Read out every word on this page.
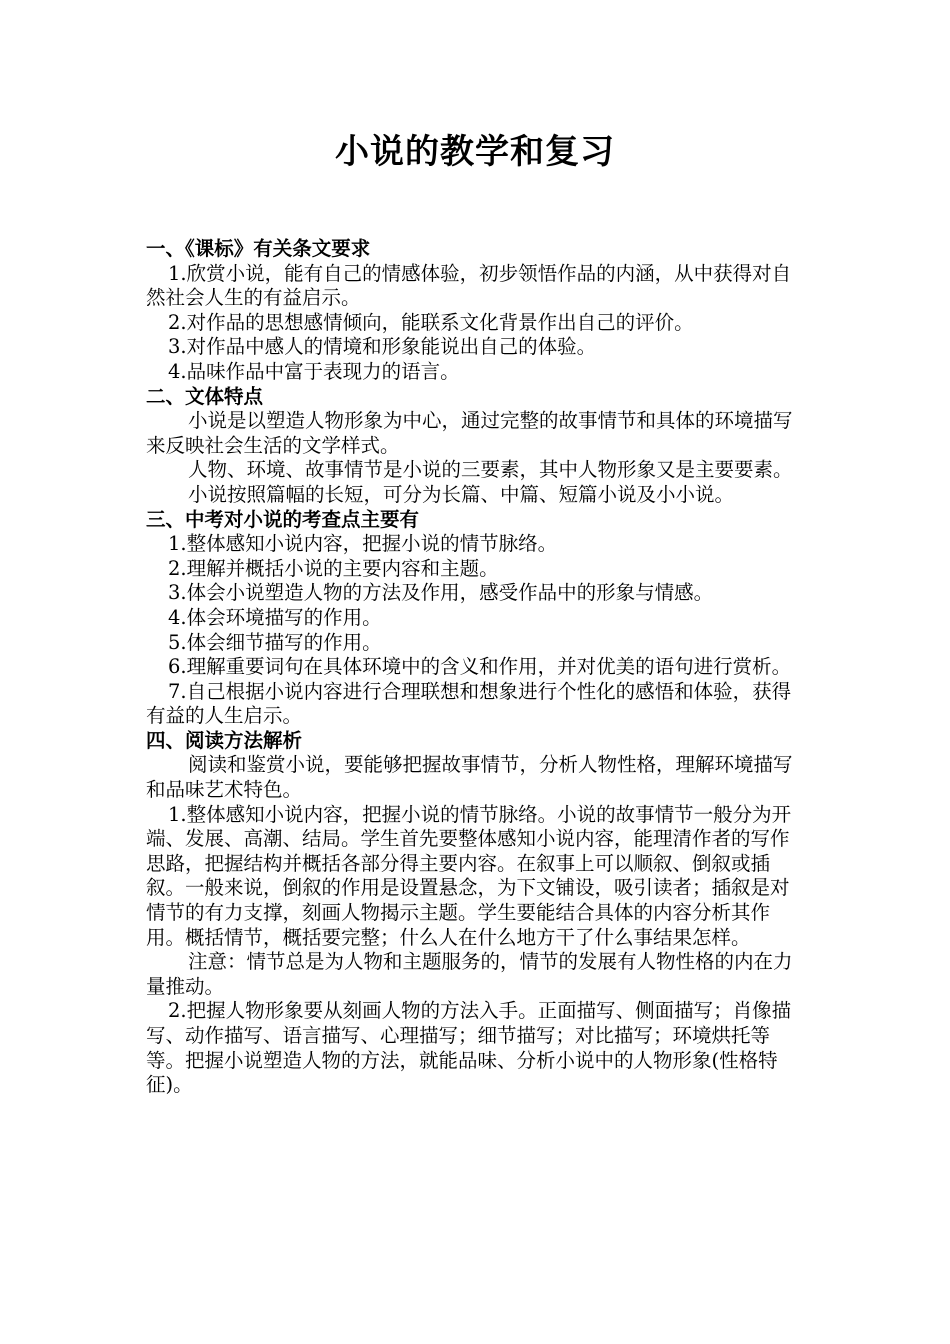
小说的教学和复习

一、《课标》有关条文要求

1.欣赏小说，能有自己的情感体验，初步领悟作品的内涵，从中获得对自然社会人生的有益启示。

2.对作品的思想感情倾向，能联系文化背景作出自己的评价。

3.对作品中感人的情境和形象能说出自己的体验。

4.品味作品中富于表现力的语言。

二、文体特点

小说是以塑造人物形象为中心，通过完整的故事情节和具体的环境描写来反映社会生活的文学样式。

人物、环境、故事情节是小说的三要素，其中人物形象又是主要要素。

小说按照篇幅的长短，可分为长篇、中篇、短篇小说及小小说。

三、中考对小说的考查点主要有

1.整体感知小说内容，把握小说的情节脉络。

2.理解并概括小说的主要内容和主题。

3.体会小说塑造人物的方法及作用，感受作品中的形象与情感。

4.体会环境描写的作用。

5.体会细节描写的作用。

6.理解重要词句在具体环境中的含义和作用，并对优美的语句进行赏析。

7.自己根据小说内容进行合理联想和想象进行个性化的感悟和体验，获得有益的人生启示。

四、阅读方法解析

阅读和鉴赏小说，要能够把握故事情节，分析人物性格，理解环境描写和品味艺术特色。

1.整体感知小说内容，把握小说的情节脉络。小说的故事情节一般分为开端、发展、高潮、结局。学生首先要整体感知小说内容，能理清作者的写作思路，把握结构并概括各部分得主要内容。在叙事上可以顺叙、倒叙或插叙。一般来说，倒叙的作用是设置悬念，为下文铺设，吸引读者；插叙是对情节的有力支撑，刻画人物揭示主题。学生要能结合具体的内容分析其作用。概括情节，概括要完整；什么人在什么地方干了什么事结果怎样。

注意：情节总是为人物和主题服务的，情节的发展有人物性格的内在力量推动。

2.把握人物形象要从刻画人物的方法入手。正面描写、侧面描写；肖像描写、动作描写、语言描写、心理描写；细节描写；对比描写；环境烘托等等。把握小说塑造人物的方法，就能品味、分析小说中的人物形象(性格特征)。
